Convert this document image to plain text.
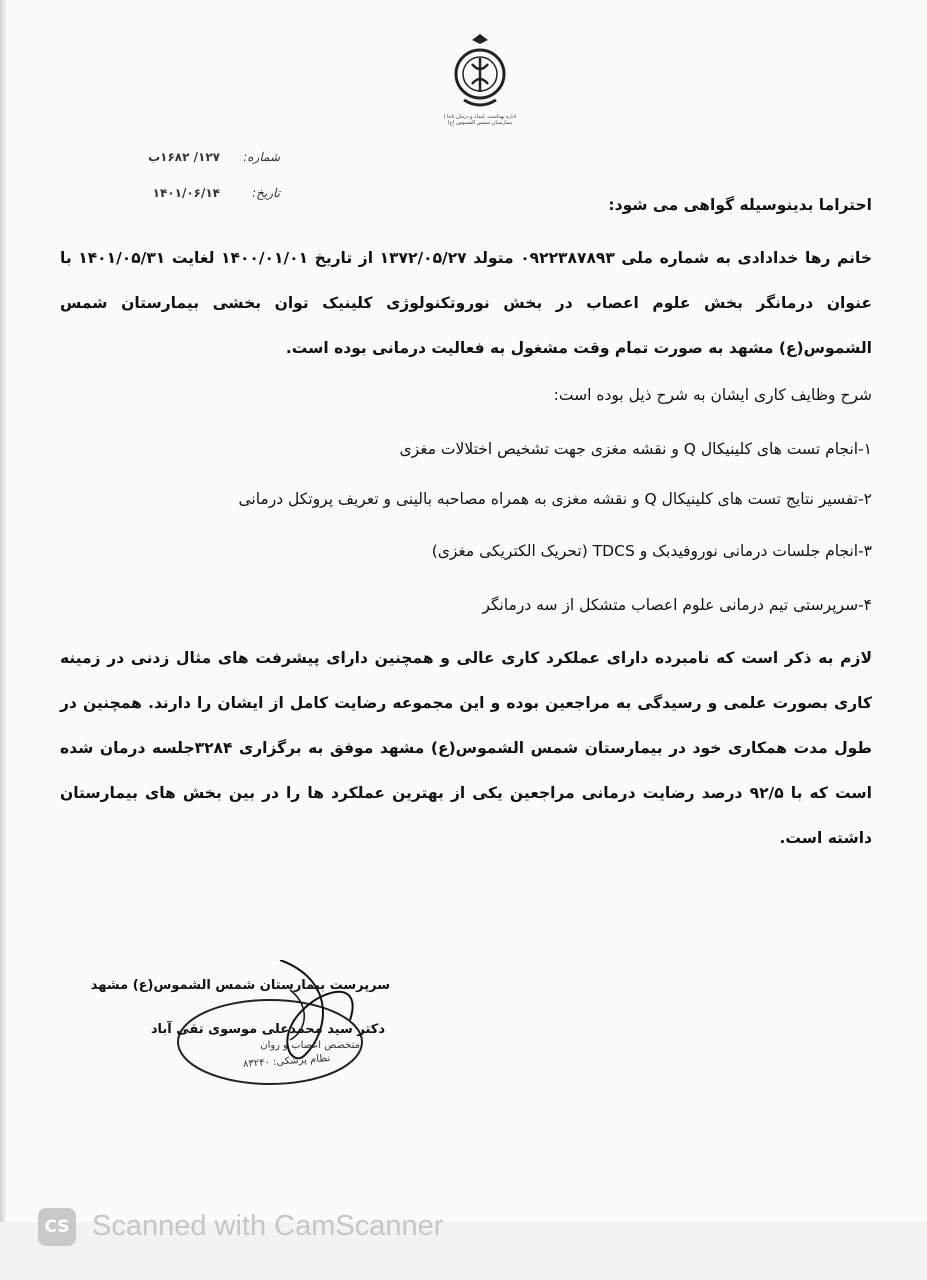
اداره بهداشت، امداد و درمان ناجا | بیمارستان شمس الشموس (ع)
شماره:
۱۲۷/ ۱۶۸۲ب
تاریخ:
۱۴۰۱/۰۶/۱۴
احتراما بدینوسیله گواهی می شود:

خانم رها خدادادی به شماره ملی ۰۹۲۲۳۸۷۸۹۳ متولد ۱۳۷۲/۰۵/۲۷ از تاریخ ۱۴۰۰/۰۱/۰۱ لغایت ۱۴۰۱/۰۵/۳۱ با عنوان درمانگر بخش علوم اعصاب در بخش نوروتکنولوژی کلینیک توان بخشی بیمارستان شمس الشموس(ع) مشهد به صورت تمام وقت مشغول به فعالیت درمانی بوده است.

شرح وظایف کاری ایشان به شرح ذیل بوده است:
۱-انجام تست های کلینیکال Q و نقشه مغزی جهت تشخیص اختلالات مغزی
۲-تفسیر نتایج تست های کلینیکال Q و نقشه مغزی به همراه مصاحبه بالینی و تعریف پروتکل درمانی
۳-انجام جلسات درمانی نوروفیدبک و TDCS (تحریک الکتریکی مغزی)
۴-سرپرستی تیم درمانی علوم اعصاب متشکل از سه درمانگر

لازم به ذکر است که نامبرده دارای عملکرد کاری عالی و همچنین دارای پیشرفت های مثال زدنی در زمینه کاری بصورت علمی و رسیدگی به مراجعین بوده و این مجموعه رضایت کامل از ایشان را دارند. همچنین در طول مدت همکاری خود در بیمارستان شمس الشموس(ع) مشهد موفق به برگزاری ۳۲۸۴جلسه درمان شده است که با ۹۲/۵ درصد رضایت درمانی مراجعین یکی از بهترین عملکرد ها را در بین بخش های بیمارستان داشته است.

سرپرست بیمارستان شمس الشموس(ع) مشهد
دکتر سید محمدعلی موسوی تقی آباد
متخصص اعصاب و روان
نظام پزشکی: ۸۳۲۴۰
CS Scanned with CamScanner
